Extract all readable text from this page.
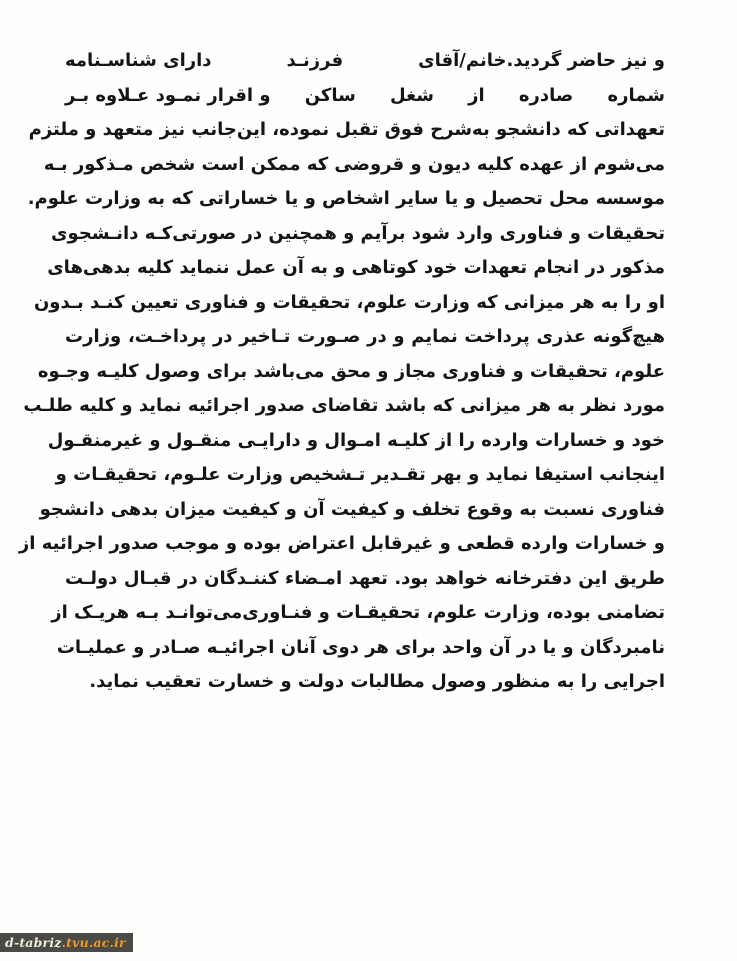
و نیز حاضر گردید.خانم/آقای
فرزنـد
دارای شناسـنامه
شماره
صادره
از
شغل
ساکن
و اقرار نمـود عـلاوه بـر
تعهداتی که دانشجو به‌شرح فوق تقبل نموده، این‌جانب نیز متعهد و ملتزم
می‌شوم از عهده کلیه دیون و قروضی که ممکن است شخص مـذکور بـه
موسسه محل تحصیل و یا سایر اشخاص و یا خساراتی که به وزارت علوم.
تحقیقات و فناوری وارد شود برآیم و همچنین در صورتی‌کـه دانـشجوی
مذکور در انجام تعهدات خود کوتاهی و به آن عمل ننماید کلیه بدهی‌های
او را به هر میزانی که وزارت علوم، تحقیقات و فناوری تعیین کنـد بـدون
هیچ‌گونه عذری پرداخت نمایم و در صـورت تـاخیر در پرداخـت، وزارت
علوم، تحقیقات و فناوری مجاز و محق می‌باشد برای وصول کلیـه وجـوه
مورد نظر به هر میزانی که باشد تقاضای صدور اجرائیه نماید و کلیه طلـب
خود و خسارات وارده را از کلیـه امـوال و دارایـی منقـول و غیرمنقـول
اینجانب استیفا نماید و بهر تقـدیر تـشخیص وزارت علـوم، تحقیقـات و
فناوری نسبت به وقوع تخلف و کیفیت آن و کیفیت میزان بدهی دانشجو
و خسارات وارده قطعی و غیرقابل اعتراض بوده و موجب صدور اجرائیه از
طریق این دفترخانه خواهد بود. تعهد امـضاء کننـدگان در قبـال دولـت
تضامنی بوده، وزارت علوم، تحقیقـات و فنـاوری‌می‌توانـد بـه هریـک از
نامبردگان و یا در آن واحد برای هر دوی آنان اجرائیـه صـادر و عملیـات
اجرایی را به منظور وصول مطالبات دولت و خسارت تعقیب نماید.
d-tabriz .tvu.ac.ir
